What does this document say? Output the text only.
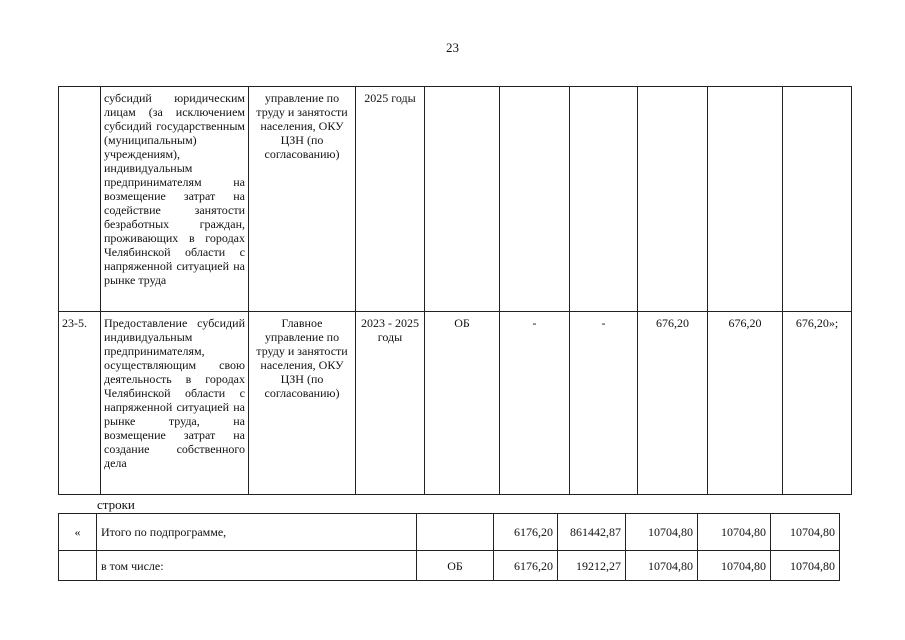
23
	субсидий юридическим лицам (за исключением субсидий государственным (муниципальным) учреждениям), индивидуальным предпринимателям на возмещение затрат на содействие занятости безработных граждан, проживающих в городах Челябинской области с напряженной ситуацией на рынке труда	управление по труду и занятости населения, ОКУ ЦЗН (по согласованию)	2025 годы						
23-5.	Предоставление субсидий индивидуальным предпринимателям, осуществляющим свою деятельность в городах Челябинской области с напряженной ситуацией на рынке труда, на возмещение затрат на создание собственного дела	Главное управление по труду и занятости населения, ОКУ ЦЗН (по согласованию)	2023 - 2025 годы	ОБ	-	-	676,20	676,20	676,20»;
строки
«	Итого по подпрограмме,		6176,20	861442,87	10704,80	10704,80	10704,80
	в том числе:	ОБ	6176,20	19212,27	10704,80	10704,80	10704,80
